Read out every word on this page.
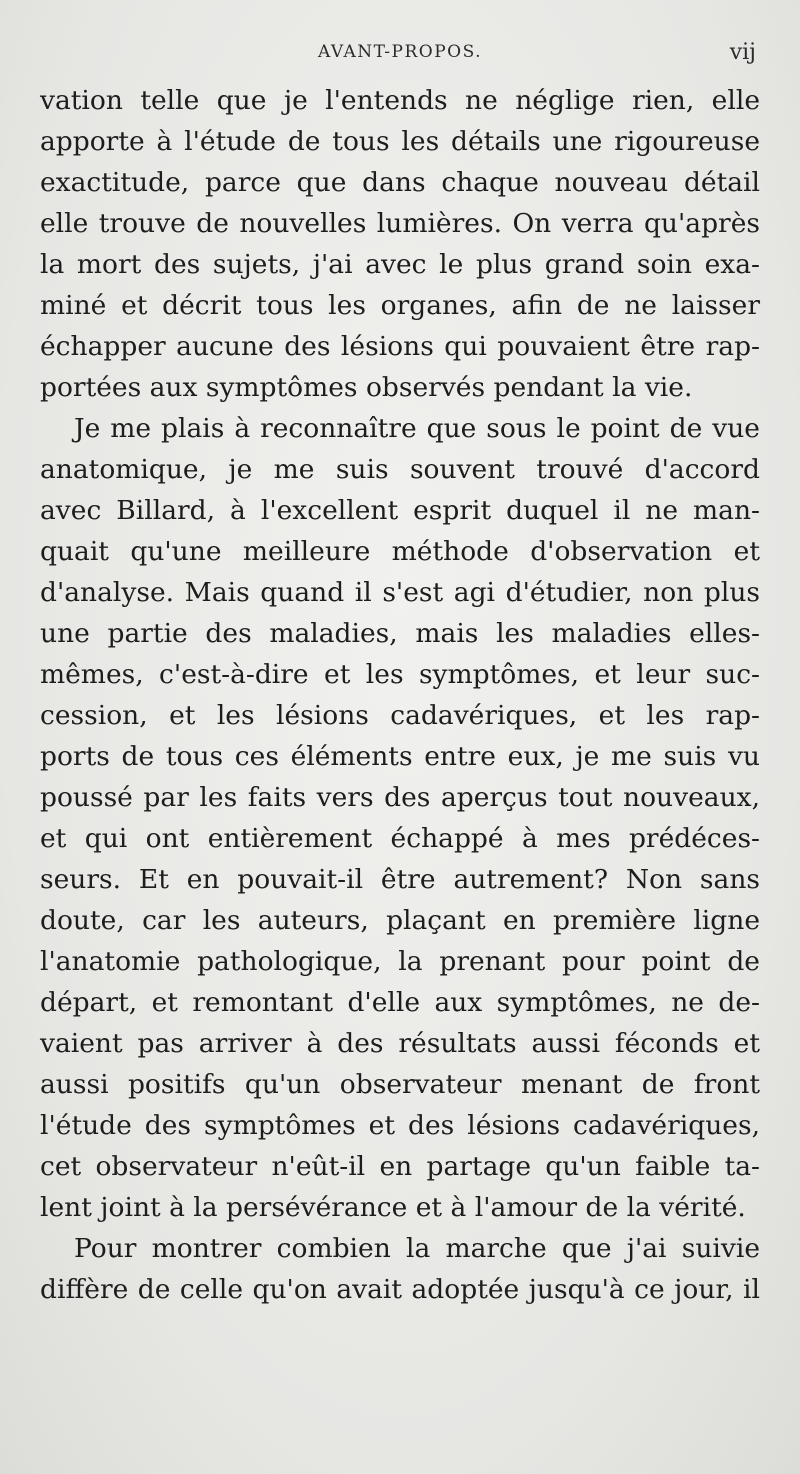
AVANT-PROPOS.	vij
vation telle que je l'entends ne néglige rien, elle
apporte à l'étude de tous les détails une rigoureuse
exactitude, parce que dans chaque nouveau détail
elle trouve de nouvelles lumières. On verra qu'après
la mort des sujets, j'ai avec le plus grand soin exa-
miné et décrit tous les organes, afin de ne laisser
échapper aucune des lésions qui pouvaient être rap-
portées aux symptômes observés pendant la vie.
Je me plais à reconnaître que sous le point de vue
anatomique, je me suis souvent trouvé d'accord
avec Billard, à l'excellent esprit duquel il ne man-
quait qu'une meilleure méthode d'observation et
d'analyse. Mais quand il s'est agi d'étudier, non plus
une partie des maladies, mais les maladies elles-
mêmes, c'est-à-dire et les symptômes, et leur suc-
cession, et les lésions cadavériques, et les rap-
ports de tous ces éléments entre eux, je me suis vu
poussé par les faits vers des aperçus tout nouveaux,
et qui ont entièrement échappé à mes prédéces-
seurs. Et en pouvait-il être autrement? Non sans
doute, car les auteurs, plaçant en première ligne
l'anatomie pathologique, la prenant pour point de
départ, et remontant d'elle aux symptômes, ne de-
vaient pas arriver à des résultats aussi féconds et
aussi positifs qu'un observateur menant de front
l'étude des symptômes et des lésions cadavériques,
cet observateur n'eût-il en partage qu'un faible ta-
lent joint à la persévérance et à l'amour de la vérité.
Pour montrer combien la marche que j'ai suivie
diffère de celle qu'on avait adoptée jusqu'à ce jour, il
